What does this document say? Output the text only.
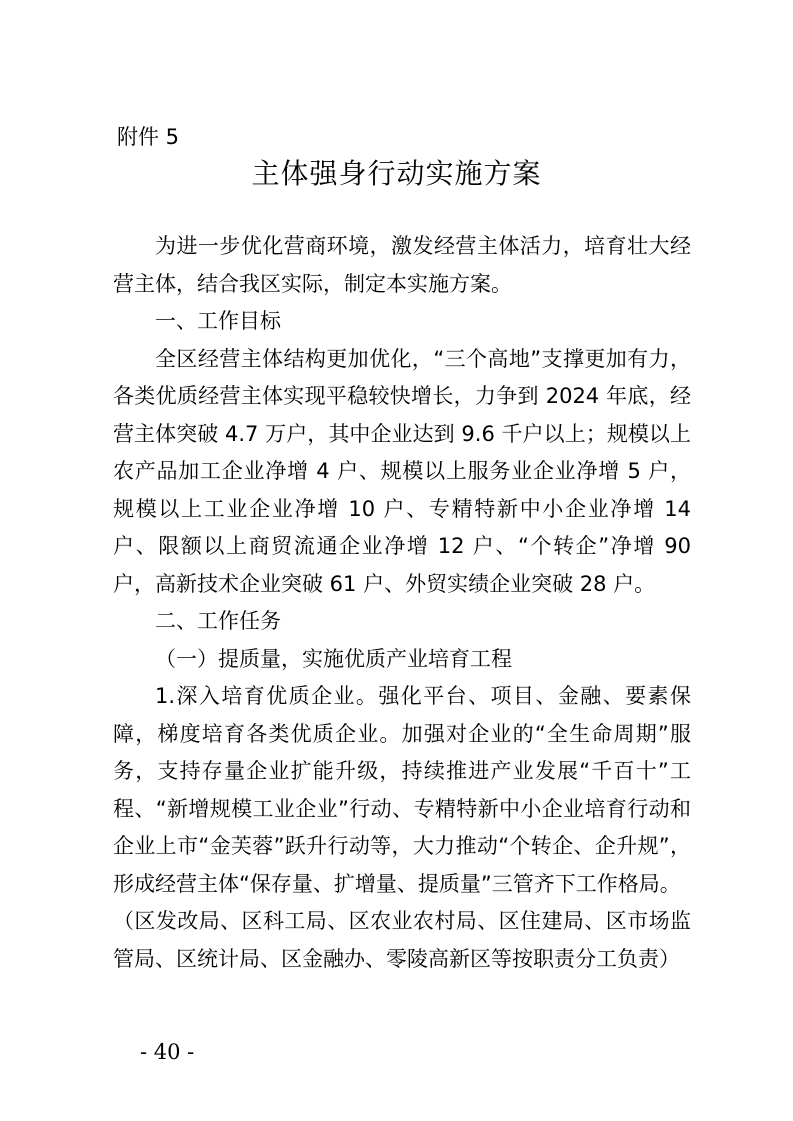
附件 5
主体强身行动实施方案

为进一步优化营商环境，激发经营主体活力，培育壮大经营主体，结合我区实际，制定本实施方案。

一、工作目标

全区经营主体结构更加优化，“三个高地”支撑更加有力，各类优质经营主体实现平稳较快增长，力争到 2024 年底，经营主体突破 4.7 万户，其中企业达到 9.6 千户以上；规模以上农产品加工企业净增 4 户、规模以上服务业企业净增 5 户，规模以上工业企业净增 10 户、专精特新中小企业净增 14 户、限额以上商贸流通企业净增 12 户、“个转企”净增 90 户，高新技术企业突破 61 户、外贸实绩企业突破 28 户。

二、工作任务

（一）提质量，实施优质产业培育工程

1.深入培育优质企业。强化平台、项目、金融、要素保障，梯度培育各类优质企业。加强对企业的“全生命周期”服务，支持存量企业扩能升级，持续推进产业发展“千百十”工程、“新增规模工业企业”行动、专精特新中小企业培育行动和企业上市“金芙蓉”跃升行动等，大力推动“个转企、企升规”，形成经营主体“保存量、扩增量、提质量”三管齐下工作格局。

（区发改局、区科工局、区农业农村局、区住建局、区市场监管局、区统计局、区金融办、零陵高新区等按职责分工负责）

- 40 -
